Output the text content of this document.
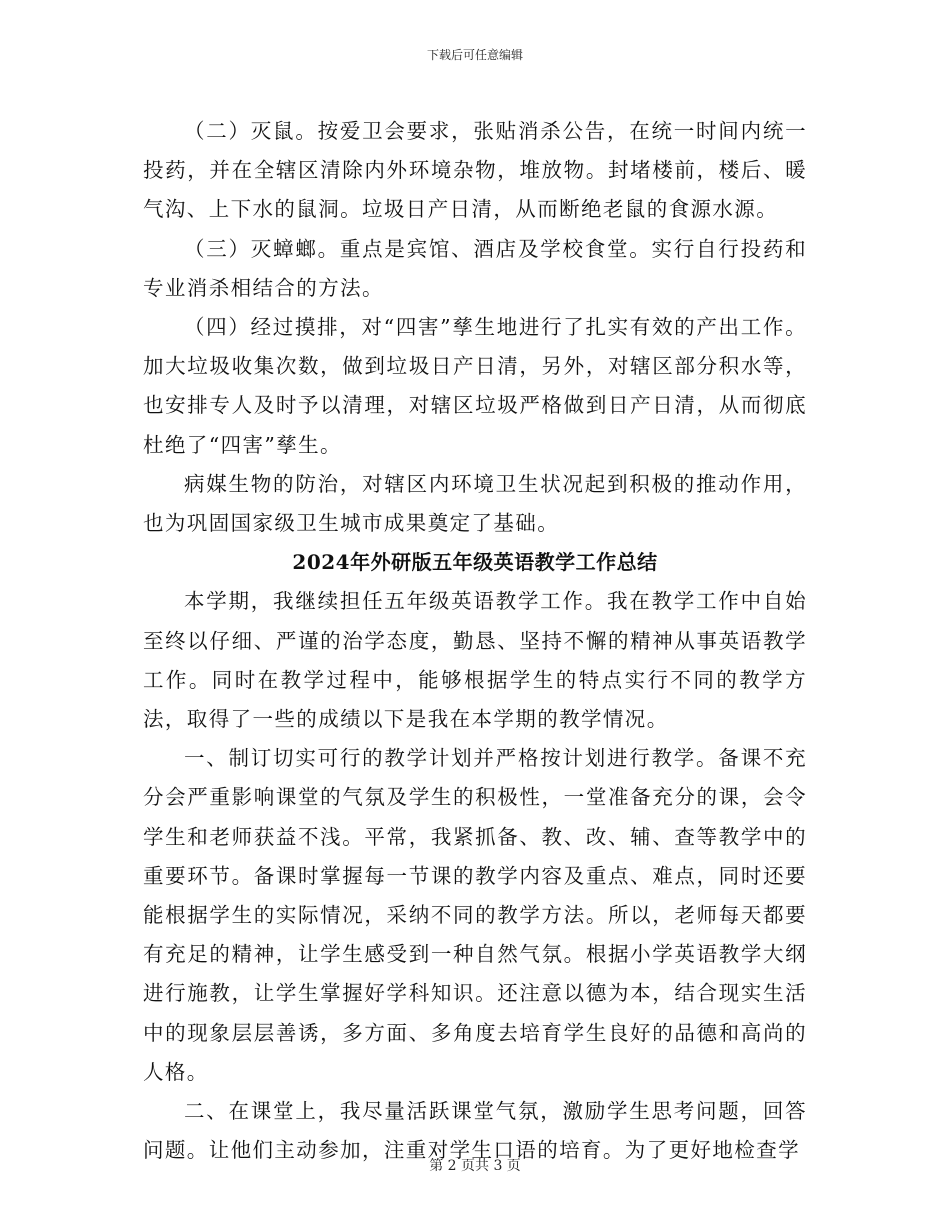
下载后可任意编辑

（二）灭鼠。按爱卫会要求，张贴消杀公告，在统一时间内统一投药，并在全辖区清除内外环境杂物，堆放物。封堵楼前，楼后、暖气沟、上下水的鼠洞。垃圾日产日清，从而断绝老鼠的食源水源。

（三）灭蟑螂。重点是宾馆、酒店及学校食堂。实行自行投药和专业消杀相结合的方法。

（四）经过摸排，对“四害”孳生地进行了扎实有效的产出工作。加大垃圾收集次数，做到垃圾日产日清，另外，对辖区部分积水等，也安排专人及时予以清理，对辖区垃圾严格做到日产日清，从而彻底杜绝了“四害”孳生。

病媒生物的防治，对辖区内环境卫生状况起到积极的推动作用，也为巩固国家级卫生城市成果奠定了基础。

2024年外研版五年级英语教学工作总结

本学期，我继续担任五年级英语教学工作。我在教学工作中自始至终以仔细、严谨的治学态度，勤恳、坚持不懈的精神从事英语教学工作。同时在教学过程中，能够根据学生的特点实行不同的教学方法，取得了一些的成绩以下是我在本学期的教学情况。

一、制订切实可行的教学计划并严格按计划进行教学。备课不充分会严重影响课堂的气氛及学生的积极性，一堂准备充分的课，会令学生和老师获益不浅。平常，我紧抓备、教、改、辅、查等教学中的重要环节。备课时掌握每一节课的教学内容及重点、难点，同时还要能根据学生的实际情况，采纳不同的教学方法。所以，老师每天都要有充足的精神，让学生感受到一种自然气氛。根据小学英语教学大纲进行施教，让学生掌握好学科知识。还注意以德为本，结合现实生活中的现象层层善诱，多方面、多角度去培育学生良好的品德和高尚的人格。

二、在课堂上，我尽量活跃课堂气氛，激励学生思考问题，回答问题。让他们主动参加，注重对学生口语的培育。为了更好地检查学

第 2 页共 3 页
